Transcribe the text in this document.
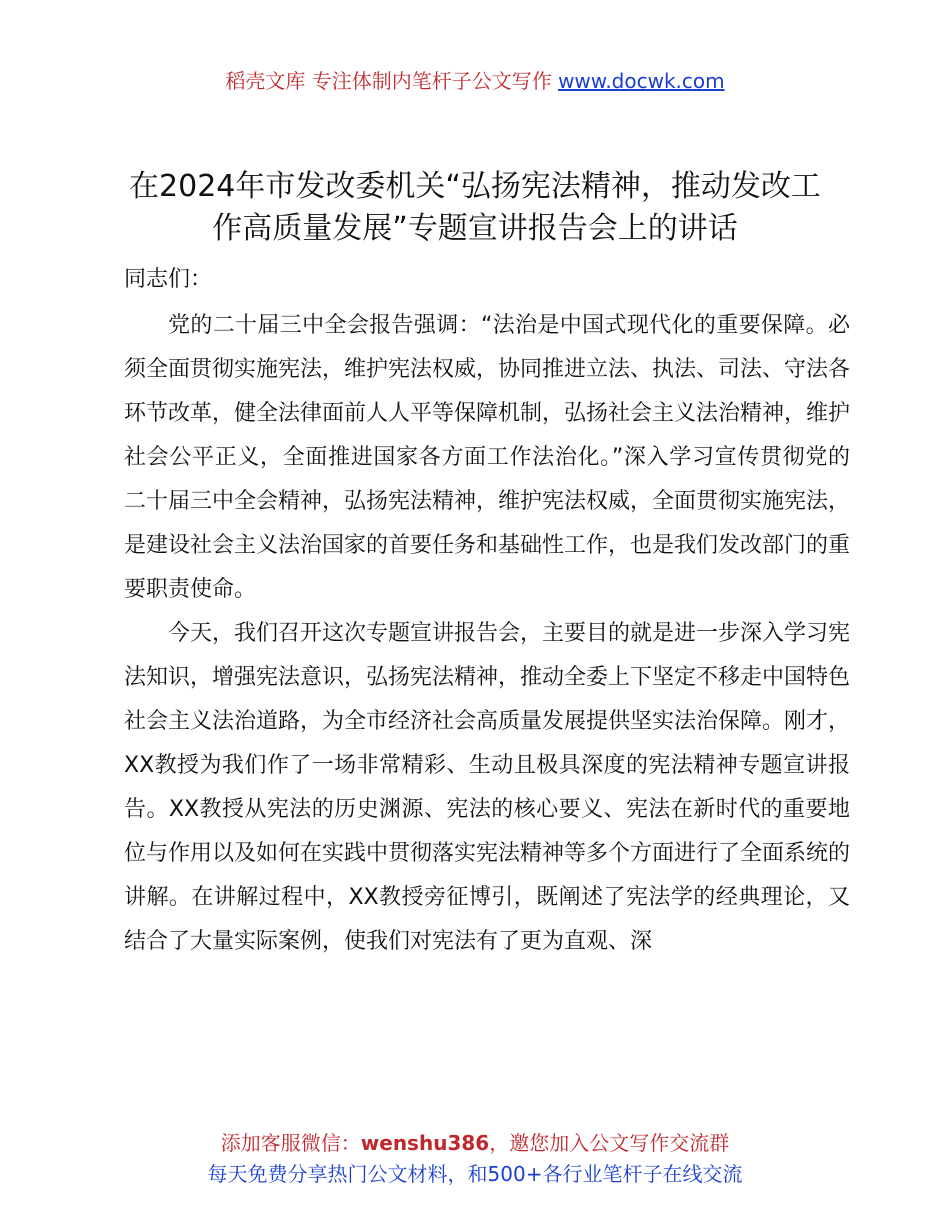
稻壳文库 专注体制内笔杆子公文写作 www.docwk.com
在2024年市发改委机关“弘扬宪法精神，推动发改工作高质量发展”专题宣讲报告会上的讲话

同志们：

党的二十届三中全会报告强调：“法治是中国式现代化的重要保障。必须全面贯彻实施宪法，维护宪法权威，协同推进立法、执法、司法、守法各环节改革，健全法律面前人人平等保障机制，弘扬社会主义法治精神，维护社会公平正义，全面推进国家各方面工作法治化。”深入学习宣传贯彻党的二十届三中全会精神，弘扬宪法精神，维护宪法权威，全面贯彻实施宪法，是建设社会主义法治国家的首要任务和基础性工作，也是我们发改部门的重要职责使命。

今天，我们召开这次专题宣讲报告会，主要目的就是进一步深入学习宪法知识，增强宪法意识，弘扬宪法精神，推动全委上下坚定不移走中国特色社会主义法治道路，为全市经济社会高质量发展提供坚实法治保障。刚才，XX教授为我们作了一场非常精彩、生动且极具深度的宪法精神专题宣讲报告。XX教授从宪法的历史渊源、宪法的核心要义、宪法在新时代的重要地位与作用以及如何在实践中贯彻落实宪法精神等多个方面进行了全面系统的讲解。在讲解过程中，XX教授旁征博引，既阐述了宪法学的经典理论，又结合了大量实际案例，使我们对宪法有了更为直观、深

添加客服微信：wenshu386，邀您加入公文写作交流群
每天免费分享热门公文材料，和500+各行业笔杆子在线交流
